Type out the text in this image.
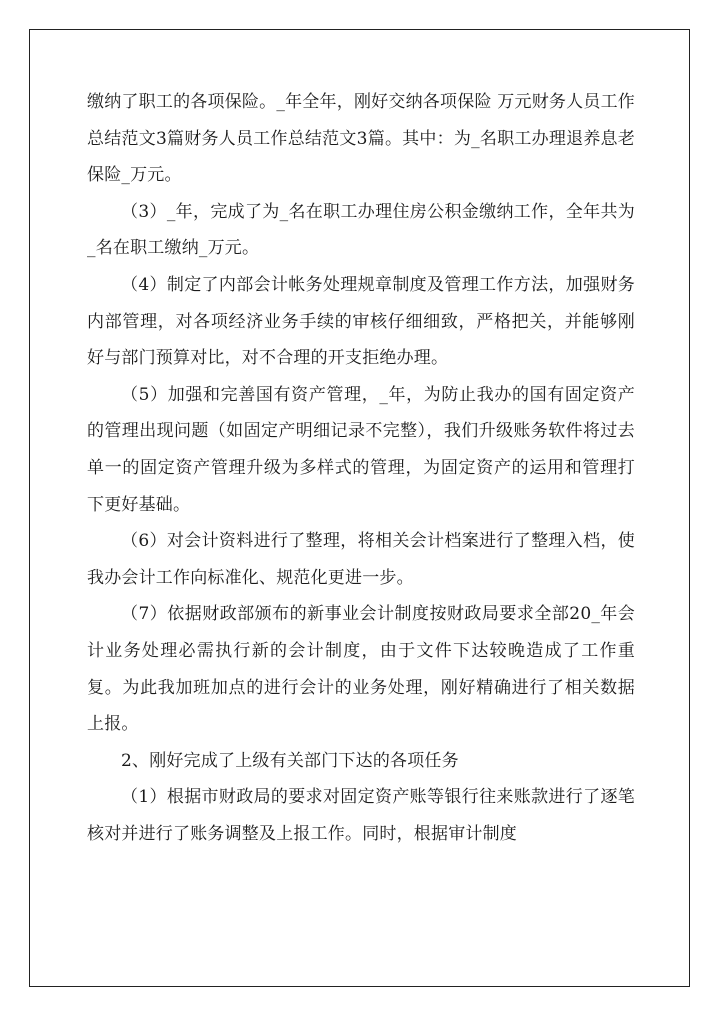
缴纳了职工的各项保险。_年全年，刚好交纳各项保险 万元财务人员工作总结范文3篇财务人员工作总结范文3篇。其中：为_名职工办理退养息老保险_万元。

（3）_年，完成了为_名在职工办理住房公积金缴纳工作，全年共为_名在职工缴纳_万元。

（4）制定了内部会计帐务处理规章制度及管理工作方法，加强财务内部管理，对各项经济业务手续的审核仔细细致，严格把关，并能够刚好与部门预算对比，对不合理的开支拒绝办理。

（5）加强和完善国有资产管理，_年，为防止我办的国有固定资产的管理出现问题（如固定产明细记录不完整），我们升级账务软件将过去单一的固定资产管理升级为多样式的管理，为固定资产的运用和管理打下更好基础。

（6）对会计资料进行了整理，将相关会计档案进行了整理入档，使我办会计工作向标准化、规范化更进一步。

（7）依据财政部颁布的新事业会计制度按财政局要求全部20_年会计业务处理必需执行新的会计制度，由于文件下达较晚造成了工作重复。为此我加班加点的进行会计的业务处理，刚好精确进行了相关数据上报。

2、刚好完成了上级有关部门下达的各项任务

（1）根据市财政局的要求对固定资产账等银行往来账款进行了逐笔核对并进行了账务调整及上报工作。同时，根据审计制度
